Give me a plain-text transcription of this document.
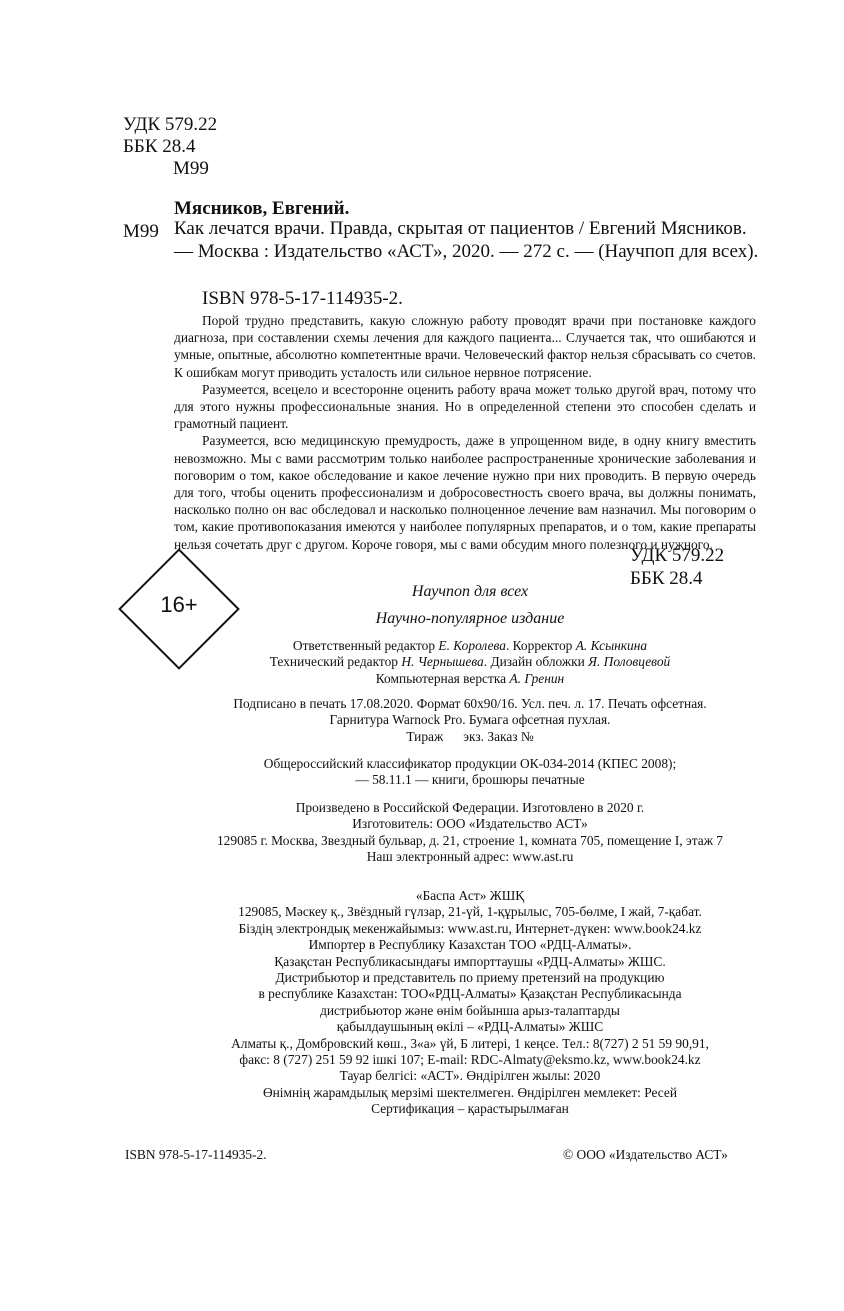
УДК 579.22
ББК 28.4
М99
Мясников, Евгений.
М99 Как лечатся врачи. Правда, скрытая от пациентов / Евгений Мясников. — Москва : Издательство «АСТ», 2020. — 272 с. — (Научпоп для всех).
ISBN 978-5-17-114935-2.

Порой трудно представить, какую сложную работу проводят врачи при постановке каждого диагноза, при составлении схемы лечения для каждого пациента... Случается так, что ошибаются и умные, опытные, абсолютно компетентные врачи. Человеческий фактор нельзя сбрасывать со счетов. К ошибкам могут приводить усталость или сильное нервное потрясение.

Разумеется, всецело и всесторонне оценить работу врача может только другой врач, потому что для этого нужны профессиональные знания. Но в определенной степени это способен сделать и грамотный пациент.

Разумеется, всю медицинскую премудрость, даже в упрощенном виде, в одну книгу вместить невозможно. Мы с вами рассмотрим только наиболее распространенные хронические заболевания и поговорим о том, какое обследование и какое лечение нужно при них проводить. В первую очередь для того, чтобы оценить профессионализм и добросовестность своего врача, вы должны понимать, насколько полно он вас обследовал и насколько полноценное лечение вам назначил. Мы поговорим о том, какие противопоказания имеются у наиболее популярных препаратов, и о том, какие препараты нельзя сочетать друг с другом. Короче говоря, мы с вами обсудим много полезного и нужного.

УДК 579.22
ББК 28.4
16+
Научпоп для всех
Научно-популярное издание
Ответственный редактор Е. Королева. Корректор А. Ксынкина
Технический редактор Н. Чернышева. Дизайн обложки Я. Половцевой
Компьютерная верстка А. Гренин
Подписано в печать 17.08.2020. Формат 60x90/16. Усл. печ. л. 17. Печать офсетная.
Гарнитура Warnock Pro. Бумага офсетная пухлая.
Тираж      экз. Заказ №
Общероссийский классификатор продукции ОК-034-2014 (КПЕС 2008);
— 58.11.1 — книги, брошюры печатные
Произведено в Российской Федерации. Изготовлено в 2020 г.
Изготовитель: ООО «Издательство АСТ»
129085 г. Москва, Звездный бульвар, д. 21, строение 1, комната 705, помещение I, этаж 7
Наш электронный адрес: www.ast.ru
«Баспа Аст» ЖШҚ
129085, Мәскеу қ., Звёздный гүлзар, 21-үй, 1-құрылыс, 705-бөлме, I жай, 7-қабат.
Біздің электрондық мекенжайымыз: www.ast.ru, Интернет-дүкен: www.book24.kz
Импортер в Республику Казахстан ТОО «РДЦ-Алматы».
Қазақстан Республикасындағы импорттаушы «РДЦ-Алматы» ЖШС.
Дистрибьютор и представитель по приему претензий на продукцию
в республике Казахстан: ТОО«РДЦ-Алматы» Қазақстан Республикасында
дистрибьютор және өнім бойынша арыз-талаптарды
қабылдаушының өкілі – «РДЦ-Алматы» ЖШС
Алматы қ., Домбровский көш., 3«а» үй, Б литері, 1 кеңсе. Тел.: 8(727) 2 51 59 90,91,
факс: 8 (727) 251 59 92 ішкі 107; E-mail: RDC-Almaty@eksmo.kz, www.book24.kz
Тауар белгісі: «АСТ». Өндірілген жылы: 2020
Өнімнің жарамдылық мерзімі шектелмеген. Өндірілген мемлекет: Ресей
Сертификация – қарастырылмаған
ISBN 978-5-17-114935-2.	© ООО «Издательство АСТ»
